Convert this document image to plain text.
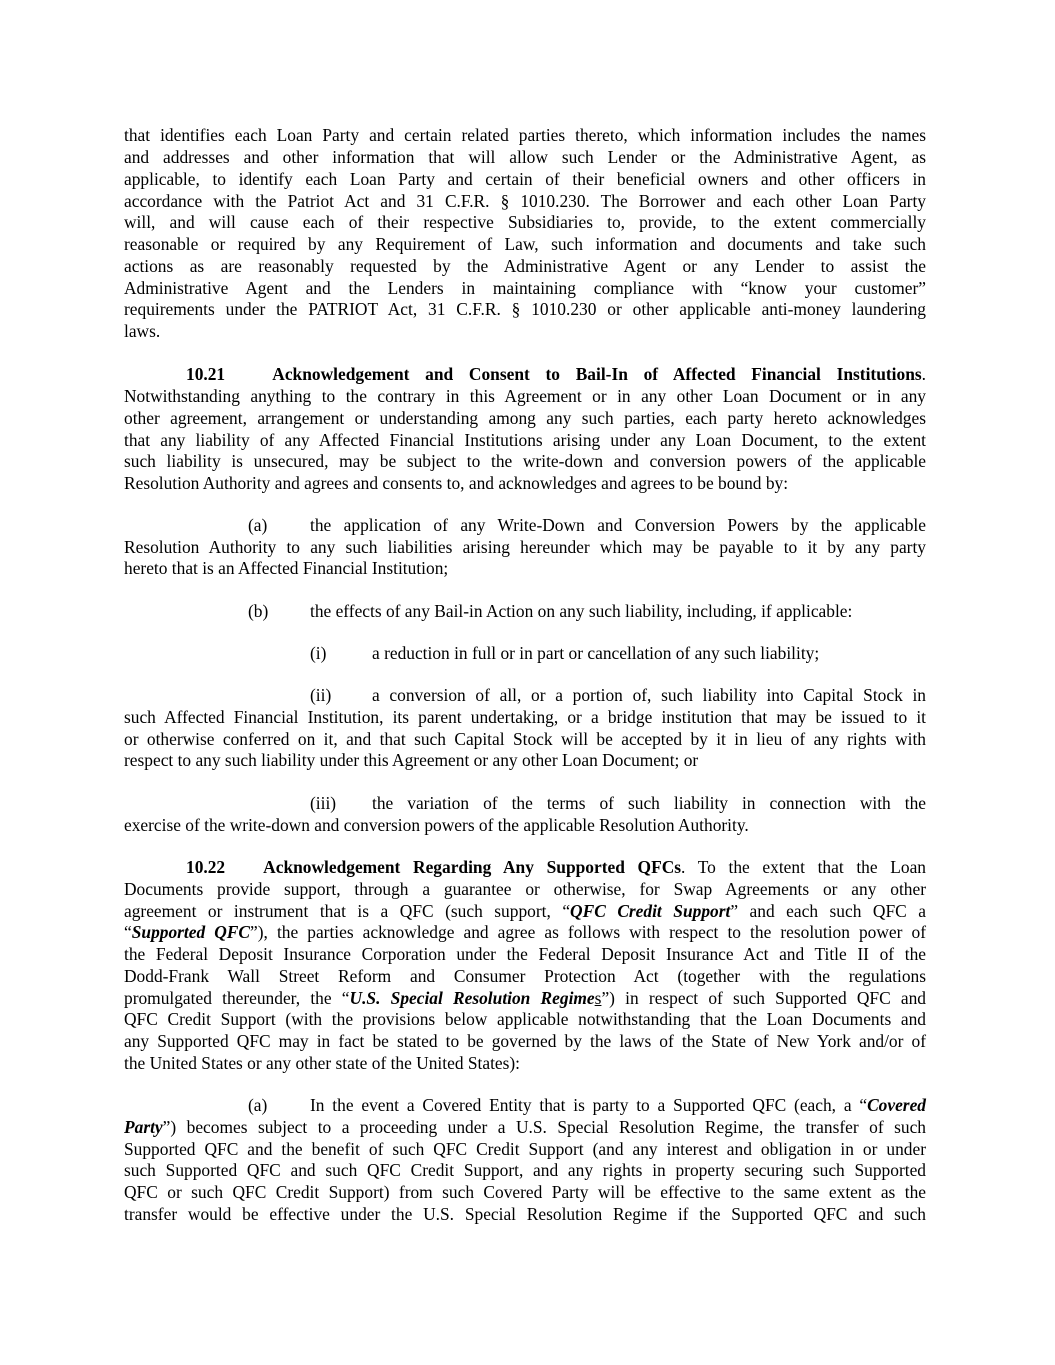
that identifies each Loan Party and certain related parties thereto, which information includes the names

and addresses and other information that will allow such Lender or the Administrative Agent, as

applicable, to identify each Loan Party and certain of their beneficial owners and other officers in

accordance with the Patriot Act and 31 C.F.R. § 1010.230. The Borrower and each other Loan Party

will, and will cause each of their respective Subsidiaries to, provide, to the extent commercially

reasonable or required by any Requirement of Law, such information and documents and take such

actions as are reasonably requested by the Administrative Agent or any Lender to assist the

Administrative Agent and the Lenders in maintaining compliance with “know your customer”

requirements under the PATRIOT Act, 31 C.F.R. § 1010.230 or other applicable anti-money laundering

laws.

10.21	Acknowledgement and Consent to Bail-In of Affected Financial Institutions.

Notwithstanding anything to the contrary in this Agreement or in any other Loan Document or in any

other agreement, arrangement or understanding among any such parties, each party hereto acknowledges

that any liability of any Affected Financial Institutions arising under any Loan Document, to the extent

such liability is unsecured, may be subject to the write-down and conversion powers of the applicable

Resolution Authority and agrees and consents to, and acknowledges and agrees to be bound by:

(a) the application of any Write-Down and Conversion Powers by the applicable

Resolution Authority to any such liabilities arising hereunder which may be payable to it by any party

hereto that is an Affected Financial Institution;

(b) the effects of any Bail-in Action on any such liability, including, if applicable:

(i)	a reduction in full or in part or cancellation of any such liability;

(ii) a conversion of all, or a portion of, such liability into Capital Stock in

such Affected Financial Institution, its parent undertaking, or a bridge institution that may be issued to it

or otherwise conferred on it, and that such Capital Stock will be accepted by it in lieu of any rights with

respect to any such liability under this Agreement or any other Loan Document; or

(iii) the variation of the terms of such liability in connection with the

exercise of the write-down and conversion powers of the applicable Resolution Authority.

10.22 Acknowledgement Regarding Any Supported QFCs. To the extent that the Loan

Documents provide support, through a guarantee or otherwise, for Swap Agreements or any other

agreement or instrument that is a QFC (such support, “QFC Credit Support” and each such QFC a

“Supported QFC”), the parties acknowledge and agree as follows with respect to the resolution power of

the Federal Deposit Insurance Corporation under the Federal Deposit Insurance Act and Title II of the

Dodd-Frank Wall Street Reform and Consumer Protection Act (together with the regulations

promulgated thereunder, the “U.S. Special Resolution Regimes”) in respect of such Supported QFC and

QFC Credit Support (with the provisions below applicable notwithstanding that the Loan Documents and

any Supported QFC may in fact be stated to be governed by the laws of the State of New York and/or of

the United States or any other state of the United States):

(a) In the event a Covered Entity that is party to a Supported QFC (each, a “Covered

Party”) becomes subject to a proceeding under a U.S. Special Resolution Regime, the transfer of such

Supported QFC and the benefit of such QFC Credit Support (and any interest and obligation in or under

such Supported QFC and such QFC Credit Support, and any rights in property securing such Supported

QFC or such QFC Credit Support) from such Covered Party will be effective to the same extent as the

transfer would be effective under the U.S. Special Resolution Regime if the Supported QFC and such
